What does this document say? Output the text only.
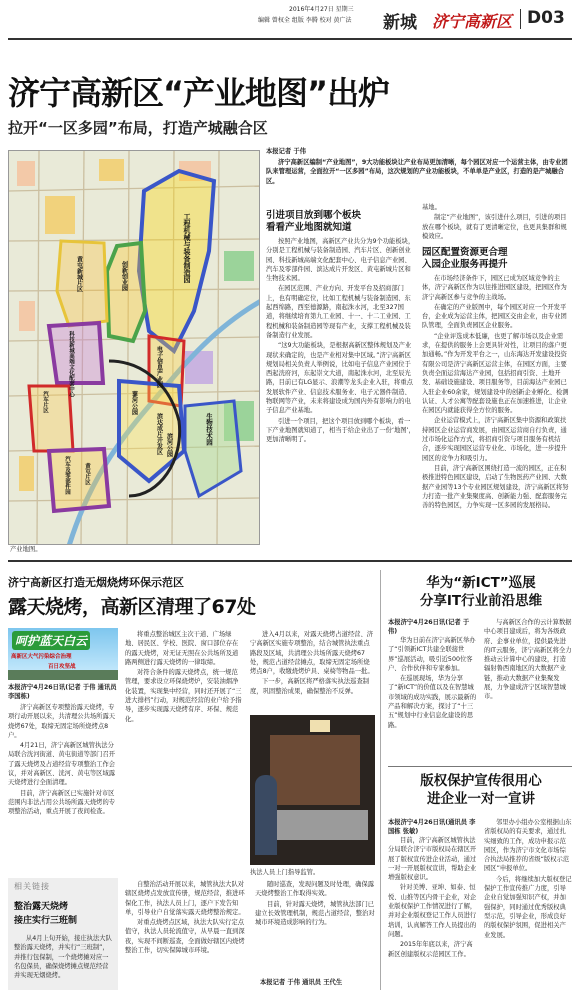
2016年4月27日 星期三
编辑 曾权全 组版 李腾 校对 黄广法 新城 济宁高新区 D03
济宁高新区“产业地图”出炉
拉开“一区多园”布局，打造产城融合区
工程机械与装备制造园
黄屯新城片区
电子信息产业园
创新创业园
科技新城高端文化配套中心
汽车片区
汽车及零部件园
滨达成片开发区	生物技术园
蓼河公园
滨河公园
黄屯片区
产业地图。
本报记者 于伟
济宁高新区编制“产业地图”，9大功能板块让产业布局更加清晰，每个园区对应一个运营主体，由专业团队来管理运营，全面拉开“一区多园”布局，这次规划的产业功能板块，不单单是产业区，打造的是产城融合区。
引进项目放到哪个板块
看看产业地图就知道

按照产业地图，高新区产业共分为9个功能板块，分别是工程机械与装备制造园、汽车片区、创新创业园、科技新城高端文化配套中心、电子信息产业园、汽车及零部件园、滨达成片开发区、黄屯新城片区和生物技术园。

在园区范围、产业方向、开发平台及招商部门上，也有明确定位，比如工程机械与装备制造园、东起西绵路，西至德源路，南起洙水河，北至327国道，将继续培育第九工业园、十一、十二工业园、工程机械和装备制造园等现有产业，支撑工程机械及装备制造行业发展。

“这9大功能板块，是根据高新区整体规划及产业现状来确定的，也是产业相对集中区域。”济宁高新区规划局相关负责人举例说，比如电子信息产业园位于西起洸府河，东起崇文大道，南起洙水河，北至辰光路，目前已有LG显示、浪潮等龙头企业入驻，将重点发展软件产业、信息技术服务业、电子元器件制造、物联网等产业，未来将建设成为国内外有影响力的电子信息产业基地。

引进一个项目，把这个项目放到哪个板块，看一下产业地图就知道了，相当于给企业出了一份‘地图’，更加清晰明了。

基地。

制定“产业地图”，该引进什么项目，引进的项目放在哪个板块，就有了更清晰定位，也更具集群和规模效应。

园区配置资源更合理
入园企业服务再提升

在市场经济条件下，园区已成为区域竞争的主体，济宁高新区作为以往推进园区建设，把园区作为济宁高新区参与竞争的主战场。

在确定的产业版图中，每个园区对应一个开发平台，企业成为运营主体，把园区交由企业，由专业团队管理，全面负责园区企业服务。

“企业评选成本低廉，也更了解市场以及企业需求，在提供的服务上会更具针对性，让项目的落户更加通畅。”作为开发平台之一，山东海达开发建设投资有限公司是济宁高新区运营主体，在园区方面，主要负责全面运营海达产业园，包括招商引资、土地开发、基础设施建设、项目服务等，目前海达产业园已入驻企业60余家，规划建设中的创新企业孵化、检测认证、人才公寓等配套设施也正在加速推进，让企业在园区内就能获得全方位的服务。

企业运营模式上，济宁高新区集中资源和政策扶持园区企业运营商发展，由园区运营商自行负责，通过市场化运作方式，将招商引资与项目服务有机结合，逐步实现园区运营专业化、市场化，进一步提升园区的竞争力和吸引力。

目前，济宁高新区围绕打造一流的园区，正在积极推进特色园区建设，启动了生物医药产业园、大数据产业园等13个专业园区规划建设，济宁高新区将努力打造一批产业集聚度高、创新能力强、配套服务完善的特色园区，力争实现一区多园的发展格局。

济宁高新区打造无烟烧烤环保示范区
露天烧烤，高新区清理了67处
呵护蓝天白云
高新区大气污染综合治理
百日攻坚战
本报济宁4月26日讯(记者 于伟 通讯员 李国栋)

济宁高新区专项整治露天烧烤，专项行动开展以来，共清理公共场所露天烧烤67处，取缔无固定场所烧烤点8户。

4月21日，济宁高新区城管执法分局联合洸河街道、黄屯街道等部门召开了露天烧烤及占道经营专项整治工作会议，并对高新区、洸河、黄屯等区域露天烧烤进行全面清理。

目前，济宁高新区已实施针对市区范围内非法占用公共场所露天烧烤的专项整治活动，重点开展了夜间检查。

将重点整治城区主次干道、广场绿地、居民区、学校、医院、窗口部位存在的露天烧烤，对无证无照在公共场所及道路两侧进行露天烧烤的一律取缔。

对符合条件的露天烧烤点，统一规范管理，要求设立环保烧烤炉，安装油烟净化装置，实现集中经营，同时还开展了“三进大排档”行动，对规范经营的业户给予指导，逐步实现露天烧烤有序、环保、规范化。

进入4月以来，对露天烧烤占道经营、济宁高新区实施专项整治，结合城管执法重点路段及区域，共清理公共场所露天烧烤67处，规范占道经营摊点，取缔无固定场所烧烤点8户，收缴烧烤炉具、桌椅等物品一批。

下一步，高新区将严格落实执法巡查制度，巩固整治成果，确保整治不反弹。

执法人员上门指导监管。

自整治活动开展以来，城管执法大队对辖区烧烤点发放宣传册，规范经营，推进环保化工作，执法人员上门，逐户下发告知单，引导业户自觉落实露天烧烤整治规定。

对重点烧烤点区域，执法大队实行定点值守，执法人员轮流值守，从早晨一直到深夜，实现不间断巡查，全面做好辖区内烧烤整治工作，切实保障城市环境。

随时巡查，发现问题及时处理，确保露天烧烤整治工作取得实效。

目前，针对露天烧烤，城管执法部门已建立长效管理机制，规范占道经营，整治对城市环境造成影响的行为。

本报记者 于伟 通讯员 王代生
相关链接
整治露天烧烤
接庄实行三班制
从4月上旬开始，接庄执法大队整治露天烧烤，并实行“三班制”，并推行包保制，一个烧烤摊对应一名包保员，确保烧烤摊点规范经营并实现无烟烧烤。
华为“新ICT”巡展
分享IT行业前沿思维
本报济宁4月26日讯(记者 于伟)

华为日前在济宁高新区举办了“引领新ICT共建全联接世界”巡展活动，吸引近500位客户、合作伙伴和专家参加。

在巡展现场，华为分享了“新ICT”的价值以及在智慧城市领域的成功实践，展示最新的产品和解决方案，探讨了“十三五”规划中行业信息化建设的思路。

与高新区合作的云计算数据中心项目建成后，将为各级政府、企事业单位，提供最先进的IT云服务，济宁高新区将全力推动云计算中心的建设，打造辐射鲁西南地区的大数据产业链，推动大数据产业集聚发展，力争建成济宁区域智慧城市。

版权保护宣传很用心
进企业一对一宣讲
本报济宁4月26日讯(通讯员 李国栋 张敏)

目前，济宁高新区城管执法分局联合济宁市版权局在辖区开展了版权宣传进企业活动，通过一对一开展版权宣讲，帮助企业增强版权意识。

针对美博、亚坤、如泰、恒悦、山推等区内骨干企业，对企业版权保护工作情况进行了解，并对企业版权登记工作人员进行培训，认真解答工作人员提出的问题。

2015年年底以来，济宁高新区创建版权示范园区工作。

邻里办小组办公室根据山东省版权局的有关要求，通过扎实细致的工作，成功申报示范园区，作为济宁市文化市场综合执法局推荐的省级“版权示范园区”申报单位。

今后，将继续加大版权登记保护工作宣传推广力度，引导企业自觉加强知识产权，并加强保护，同时通过优秀版权典型示范，引导企业，形成良好的版权保护氛围，促进相关产业发展。
